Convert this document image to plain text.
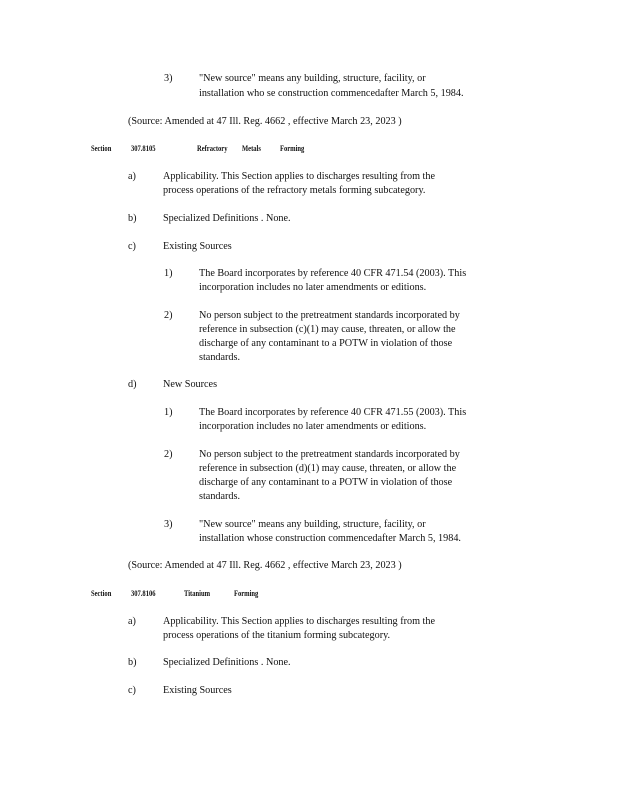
3)	"New source" means any building, structure, facility, or
installation who se construction commencedafter March 5, 1984.
(Source: Amended at 47 Ill. Reg. 4662 , effective March 23, 2023 )
Section 307.8105	Refractory Metals Forming
a)	Applicability. This Section applies to discharges resulting from the
process operations of the refractory metals forming subcategory.
b)	Specialized Definitions . None.
c)	Existing Sources
1)	The Board incorporates by reference 40 CFR 471.54 (2003). This
incorporation includes no later amendments or editions.
2)	No person subject to the pretreatment standards incorporated by
reference in subsection (c)(1) may cause, threaten, or allow the
discharge of any contaminant to a POTW in violation of those
standards.
d)	New Sources
1)	The Board incorporates by reference 40 CFR 471.55 (2003). This
incorporation includes no later amendments or editions.
2)	No person subject to the pretreatment standards incorporated by
reference in subsection (d)(1) may cause, threaten, or allow the
discharge of any contaminant to a POTW in violation of those
standards.
3)	"New source" means any building, structure, facility, or
installation whose construction commencedafter March 5, 1984.
(Source: Amended at 47 Ill. Reg. 4662 , effective March 23, 2023 )
Section 307.8106	Titanium	Forming
a)	Applicability. This Section applies to discharges resulting from the
process operations of the titanium forming subcategory.
b)	Specialized Definitions . None.
c)	Existing Sources
